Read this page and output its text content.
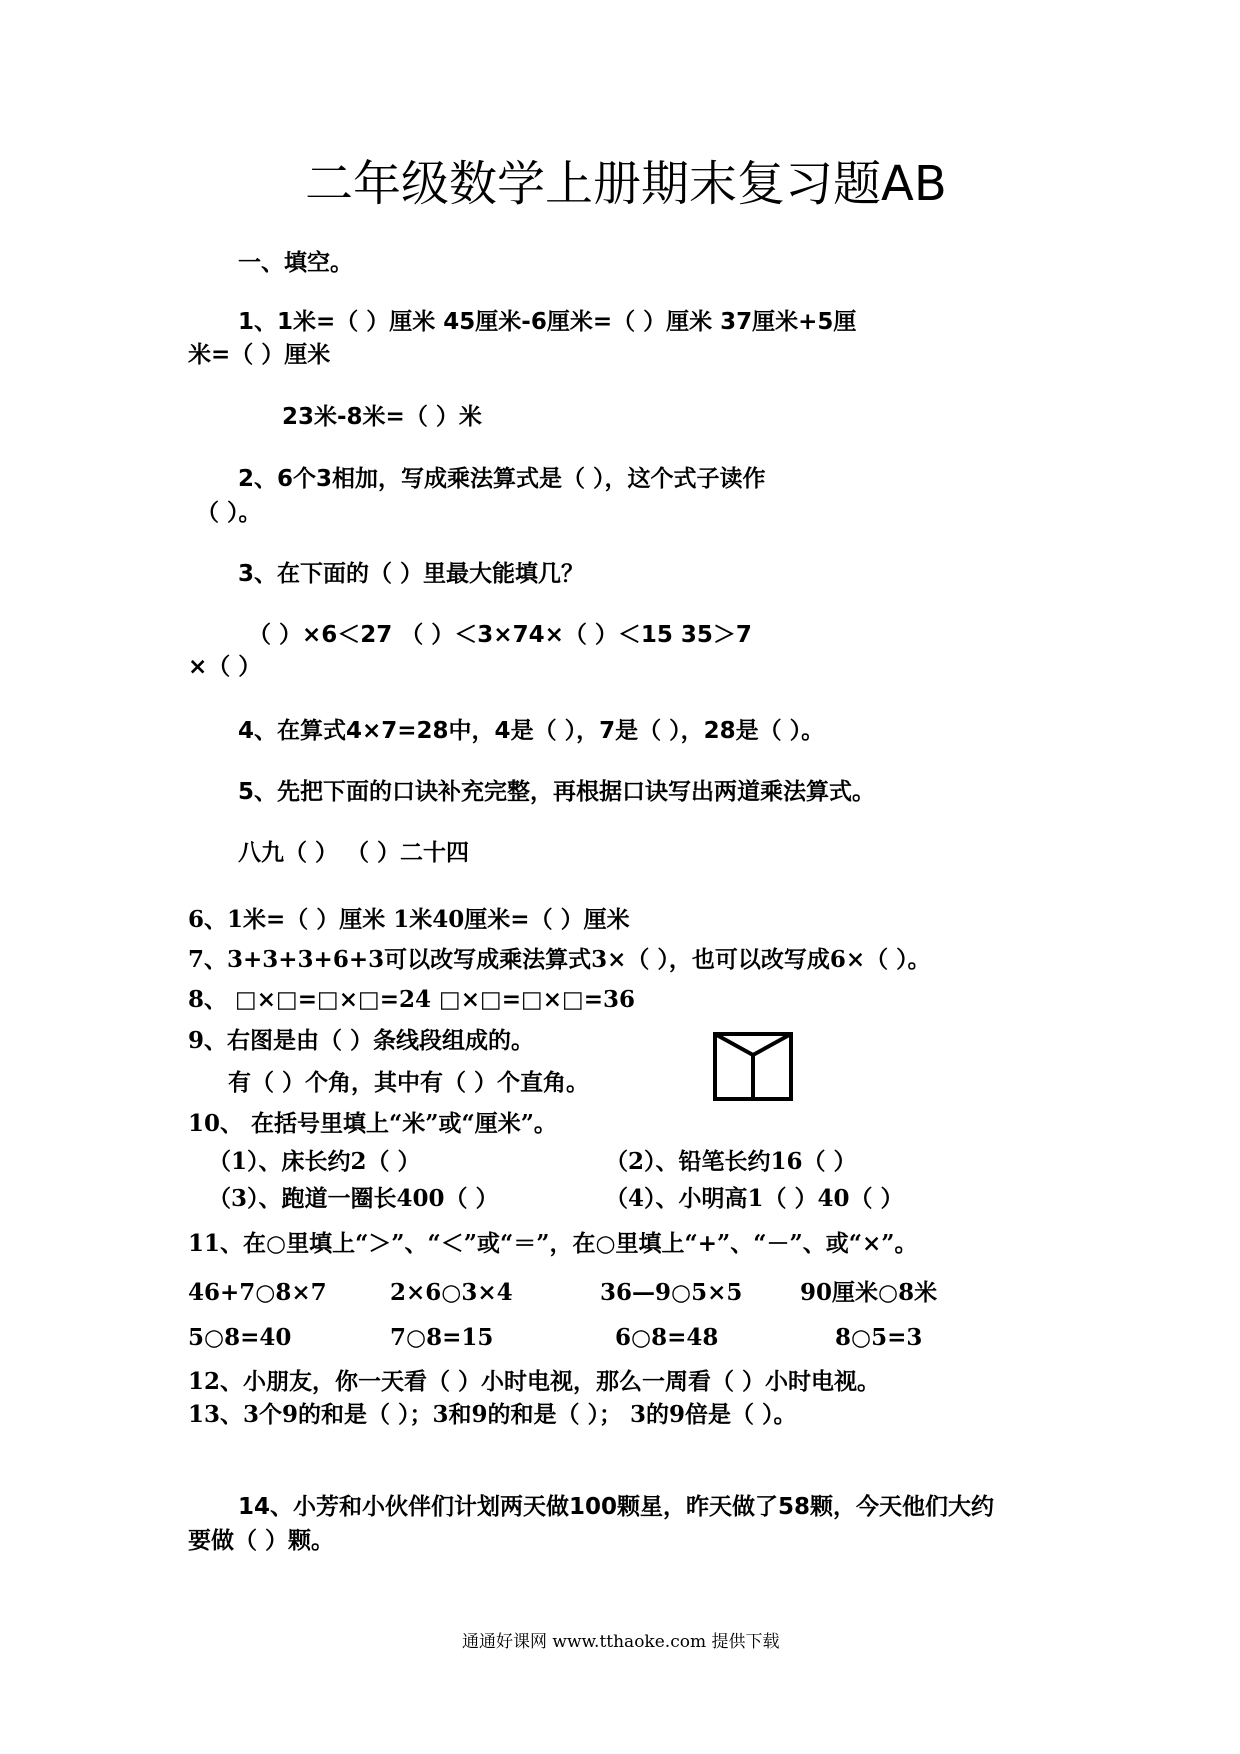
二年级数学上册期末复习题AB
一、填空。
1、1米=（ ）厘米 45厘米-6厘米=（ ）厘米 37厘米+5厘
米=（ ）厘米
23米-8米=（ ）米
2、6个3相加，写成乘法算式是（ ），这个式子读作
（ ）。
3、在下面的（ ）里最大能填几？
（ ）×6＜27 （ ）＜3×74×（ ）＜15 35＞7
×（ ）
4、在算式4×7=28中，4是（ ），7是（ ），28是（ ）。
5、先把下面的口诀补充完整，再根据口诀写出两道乘法算式。
八九（ ） （ ）二十四
6、1米=（ ）厘米 1米40厘米=（ ）厘米
7、3+3+3+6+3可以改写成乘法算式3×（ ），也可以改写成6×（ ）。
8、 □×□=□×□=24 □×□=□×□=36
9、右图是由（ ）条线段组成的。
有（ ）个角，其中有（ ）个直角。
10、 在括号里填上“米”或“厘米”。
（1）、床长约2（ ）	（2）、铅笔长约16（ ）
（3）、跑道一圈长400（ ）	（4）、小明高1（ ）40（ ）
11、在○里填上“＞”、“＜”或“＝”，在○里填上“+”、“－”、或“×”。
46+7○8×7	2×6○3×4	36—9○5×5	90厘米○8米
5○8=40	7○8=15	6○8=48	8○5=3
12、小朋友，你一天看（ ）小时电视，那么一周看（ ）小时电视。
13、3个9的和是（ ）；3和9的和是（ ）； 3的9倍是（ ）。
14、小芳和小伙伴们计划两天做100颗星，昨天做了58颗，今天他们大约
要做（ ）颗。
通通好课网 www.tthaoke.com 提供下载
